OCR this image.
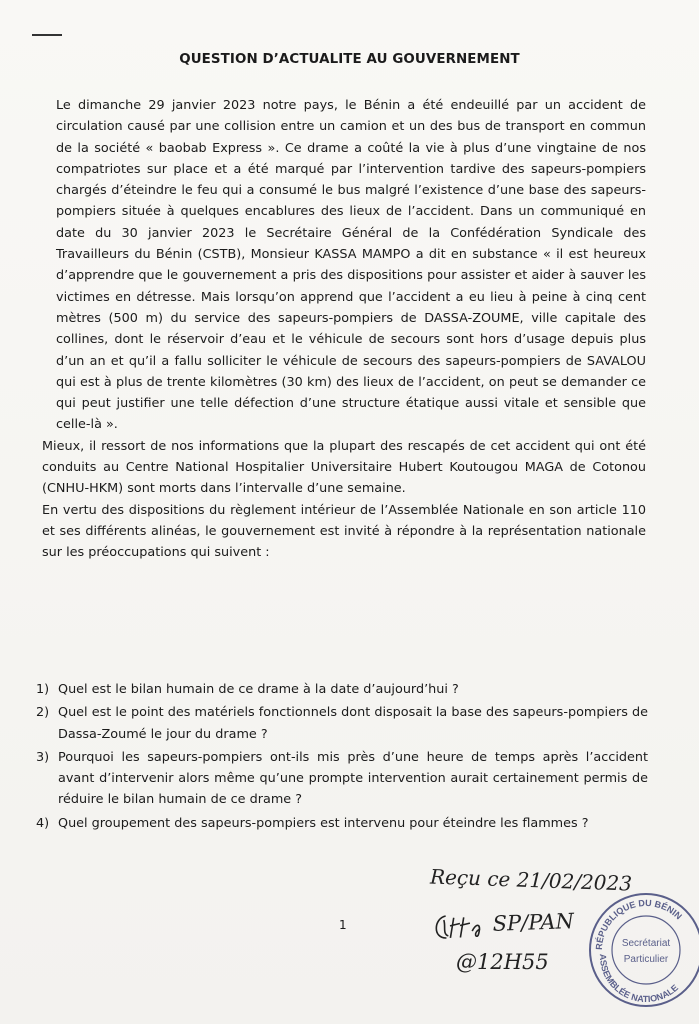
QUESTION D’ACTUALITE AU GOUVERNEMENT

Le dimanche 29 janvier 2023 notre pays, le Bénin a été endeuillé par un accident de circulation causé par une collision entre un camion et un des bus de transport en commun de la société « baobab Express ». Ce drame a coûté la vie à plus d’une vingtaine de nos compatriotes sur place et a été marqué par l’intervention tardive des sapeurs-pompiers chargés d’éteindre le feu qui a consumé le bus malgré l’existence d’une base des sapeurs-pompiers située à quelques encablures des lieux de l’accident. Dans un communiqué en date du 30 janvier 2023 le Secrétaire Général de la Confédération Syndicale des Travailleurs du Bénin (CSTB), Monsieur KASSA MAMPO a dit en substance « il est heureux d’apprendre que le gouvernement a pris des dispositions pour assister et aider à sauver les victimes en détresse. Mais lorsqu’on apprend que l’accident a eu lieu à peine à cinq cent mètres (500 m) du service des sapeurs-pompiers de DASSA-ZOUME, ville capitale des collines, dont le réservoir d’eau et le véhicule de secours sont hors d’usage depuis plus d’un an et qu’il a fallu solliciter le véhicule de secours des sapeurs-pompiers de SAVALOU qui est à plus de trente kilomètres (30 km) des lieux de l’accident, on peut se demander ce qui peut justifier une telle défection d’une structure étatique aussi vitale et sensible que celle-là ».

Mieux, il ressort de nos informations que la plupart des rescapés de cet accident qui ont été conduits au Centre National Hospitalier Universitaire Hubert Koutougou MAGA de Cotonou (CNHU-HKM) sont morts dans l’intervalle d’une semaine.

En vertu des dispositions du règlement intérieur de l’Assemblée Nationale en son article 110 et ses différents alinéas, le gouvernement est invité à répondre à la représentation nationale sur les préoccupations qui suivent :

1) Quel est le bilan humain de ce drame à la date d’aujourd’hui ?
2) Quel est le point des matériels fonctionnels dont disposait la base des sapeurs-pompiers de Dassa-Zoumé le jour du drame ?
3) Pourquoi les sapeurs-pompiers ont-ils mis près d’une heure de temps après l’accident avant d’intervenir alors même qu’une prompte intervention aurait certainement permis de réduire le bilan humain de ce drame ?
4) Quel groupement des sapeurs-pompiers est intervenu pour éteindre les flammes ?
1
Reçu ce 21/02/2023
SP/PAN
@12H55
RÉPUBLIQUE DU BÉNIN
ASSEMBLÉE NATIONALE
Secrétariat
Particulier
